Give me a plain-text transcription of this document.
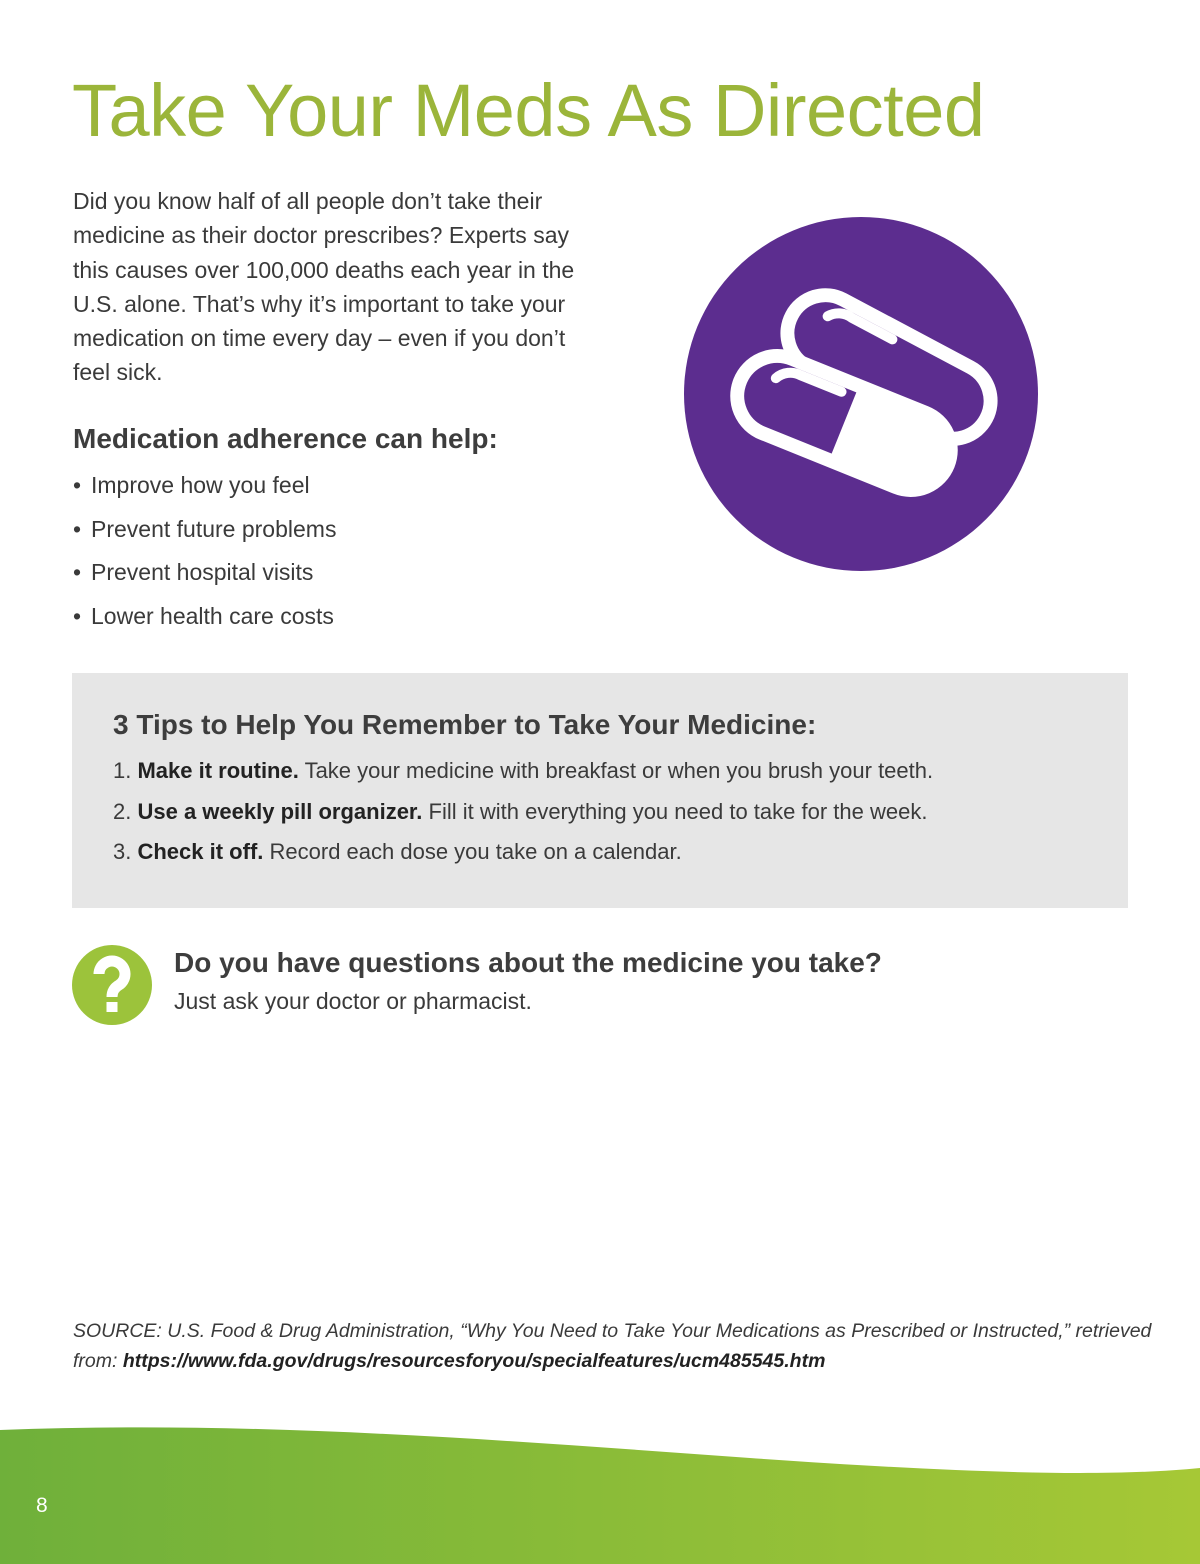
Take Your Meds As Directed

Did you know half of all people don’t take their medicine as their doctor prescribes? Experts say this causes over 100,000 deaths each year in the U.S. alone. That’s why it’s important to take your medication on time every day – even if you don’t feel sick.

Medication adherence can help:
• Improve how you feel
• Prevent future problems
• Prevent hospital visits
• Lower health care costs
3 Tips to Help You Remember to Take Your Medicine:
1. Make it routine. Take your medicine with breakfast or when you brush your teeth.
2. Use a weekly pill organizer. Fill it with everything you need to take for the week.
3. Check it off. Record each dose you take on a calendar.
Do you have questions about the medicine you take?

Just ask your doctor or pharmacist.

SOURCE: U.S. Food & Drug Administration, “Why You Need to Take Your Medications as Prescribed or Instructed,” retrieved from: https://www.fda.gov/drugs/resourcesforyou/specialfeatures/ucm485545.htm

8
